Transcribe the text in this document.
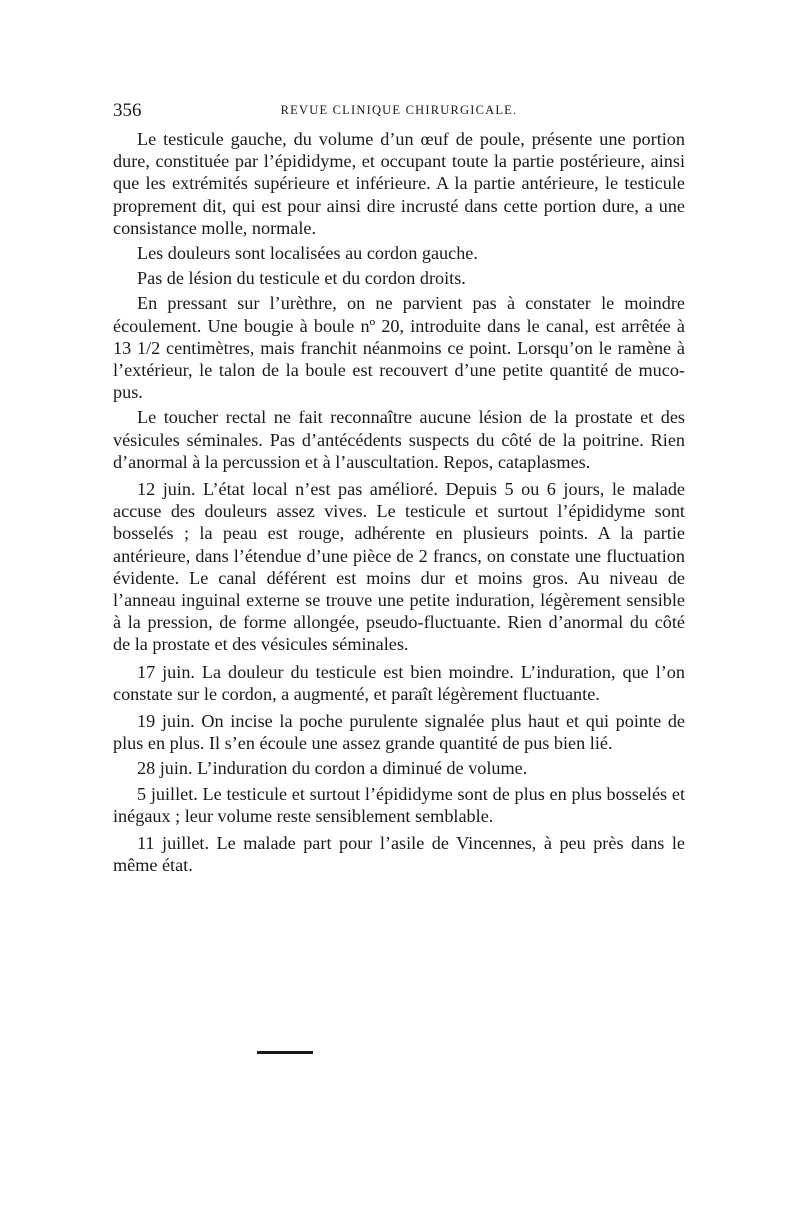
356	REVUE CLINIQUE CHIRURGICALE.

Le testicule gauche, du volume d’un œuf de poule, présente une portion dure, constituée par l’épididyme, et occupant toute la partie postérieure, ainsi que les extrémités supérieure et inférieure. A la partie antérieure, le testicule proprement dit, qui est pour ainsi dire incrusté dans cette portion dure, a une consistance molle, normale.

Les douleurs sont localisées au cordon gauche.

Pas de lésion du testicule et du cordon droits.

En pressant sur l’urèthre, on ne parvient pas à constater le moindre écoulement. Une bougie à boule nº 20, introduite dans le canal, est arrêtée à 13 1/2 centimètres, mais franchit néanmoins ce point. Lorsqu’on le ramène à l’extérieur, le talon de la boule est recouvert d’une petite quantité de muco-pus.

Le toucher rectal ne fait reconnaître aucune lésion de la prostate et des vésicules séminales. Pas d’antécédents suspects du côté de la poitrine. Rien d’anormal à la percussion et à l’auscultation. Repos, cataplasmes.

12 juin. L’état local n’est pas amélioré. Depuis 5 ou 6 jours, le malade accuse des douleurs assez vives. Le testicule et surtout l’épididyme sont bosselés ; la peau est rouge, adhérente en plusieurs points. A la partie antérieure, dans l’étendue d’une pièce de 2 francs, on constate une fluctuation évidente. Le canal déférent est moins dur et moins gros. Au niveau de l’anneau inguinal externe se trouve une petite induration, légèrement sensible à la pression, de forme allongée, pseudo-fluctuante. Rien d’anormal du côté de la prostate et des vésicules séminales.

17 juin. La douleur du testicule est bien moindre. L’induration, que l’on constate sur le cordon, a augmenté, et paraît légèrement fluctuante.

19 juin. On incise la poche purulente signalée plus haut et qui pointe de plus en plus. Il s’en écoule une assez grande quantité de pus bien lié.

28 juin. L’induration du cordon a diminué de volume.

5 juillet. Le testicule et surtout l’épididyme sont de plus en plus bosselés et inégaux ; leur volume reste sensiblement semblable.

11 juillet. Le malade part pour l’asile de Vincennes, à peu près dans le même état.
